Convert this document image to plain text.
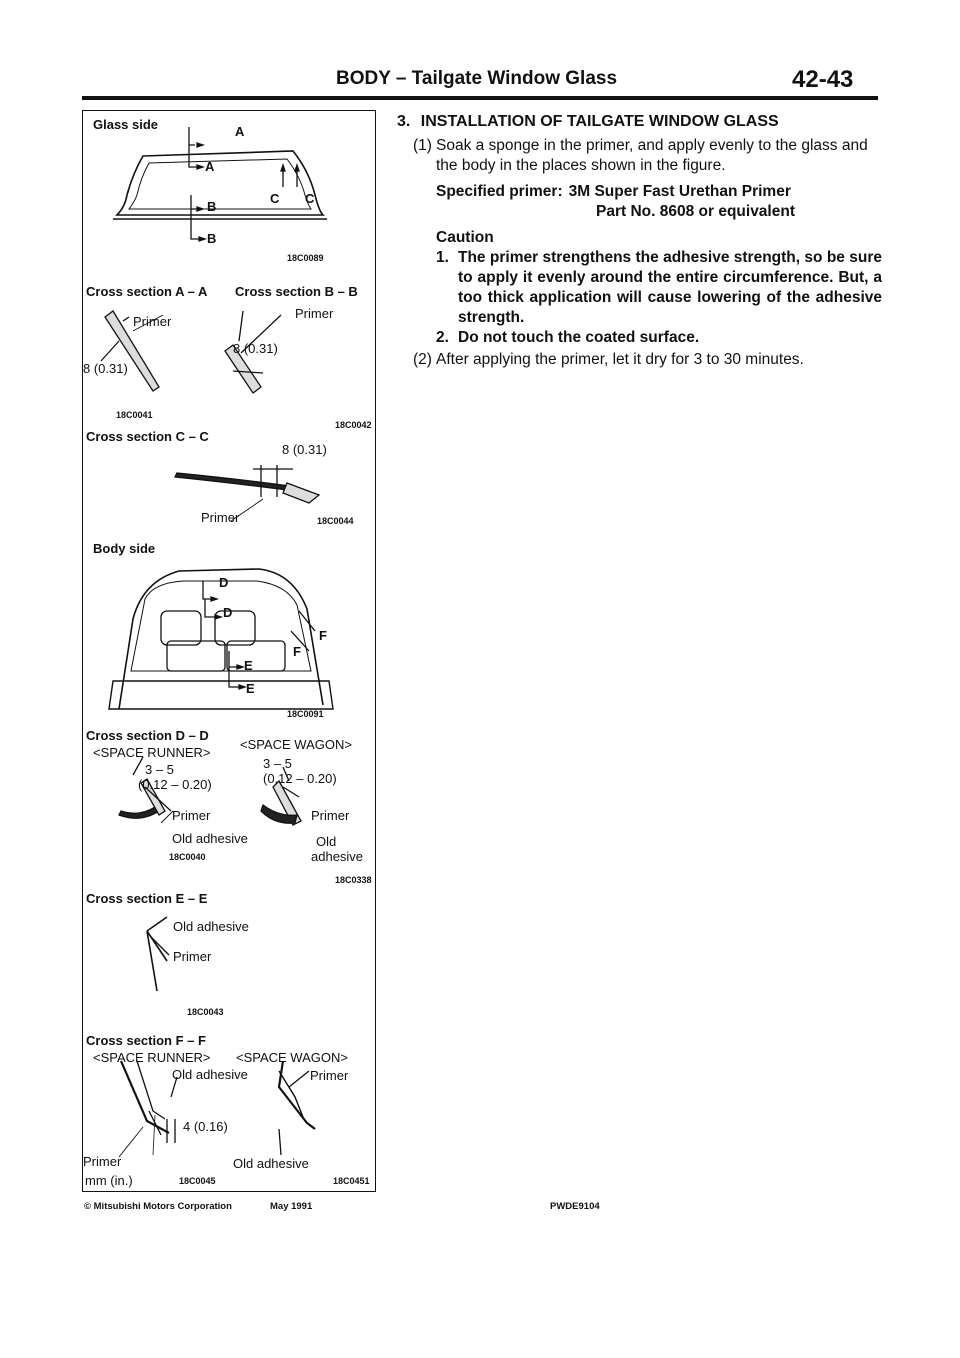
BODY – Tailgate Window Glass	42-43
Glass side	A
A
B
B
C C
18C0089
Cross section A – A
Primer
8 (0.31)
18C0041
Cross section B – B
Primer
8 (0.31)
18C0042
Cross section C – C
8 (0.31)
Primer	18C0044
Body side
D
D
E
E
F
F
18C0091
Cross section D – D
<SPACE RUNNER>
3 – 5
(0.12 – 0.20)
Primer
Old adhesive
18C0040
<SPACE WAGON>
3 – 5
(0.12 – 0.20)
Primer
Old
adhesive
18C0338
Cross section E – E
Old adhesive
Primer
18C0043
Cross section F – F
<SPACE RUNNER>
Old adhesive
4 (0.16)
Primer
18C0045
<SPACE WAGON>
Primer
Old adhesive
18C0451
mm (in.)
3. INSTALLATION OF TAILGATE WINDOW GLASS
(1) Soak a sponge in the primer, and apply evenly to the glass and the body in the places shown in the figure.
Specified primer: 3M Super Fast Urethan Primer
Part No. 8608 or equivalent
Caution
1. The primer strengthens the adhesive strength, so be sure to apply it evenly around the entire circumference. But, a too thick application will cause lowering of the adhesive strength.
2. Do not touch the coated surface.
(2) After applying the primer, let it dry for 3 to 30 minutes.
© Mitsubishi Motors Corporation	May 1991	PWDE9104
